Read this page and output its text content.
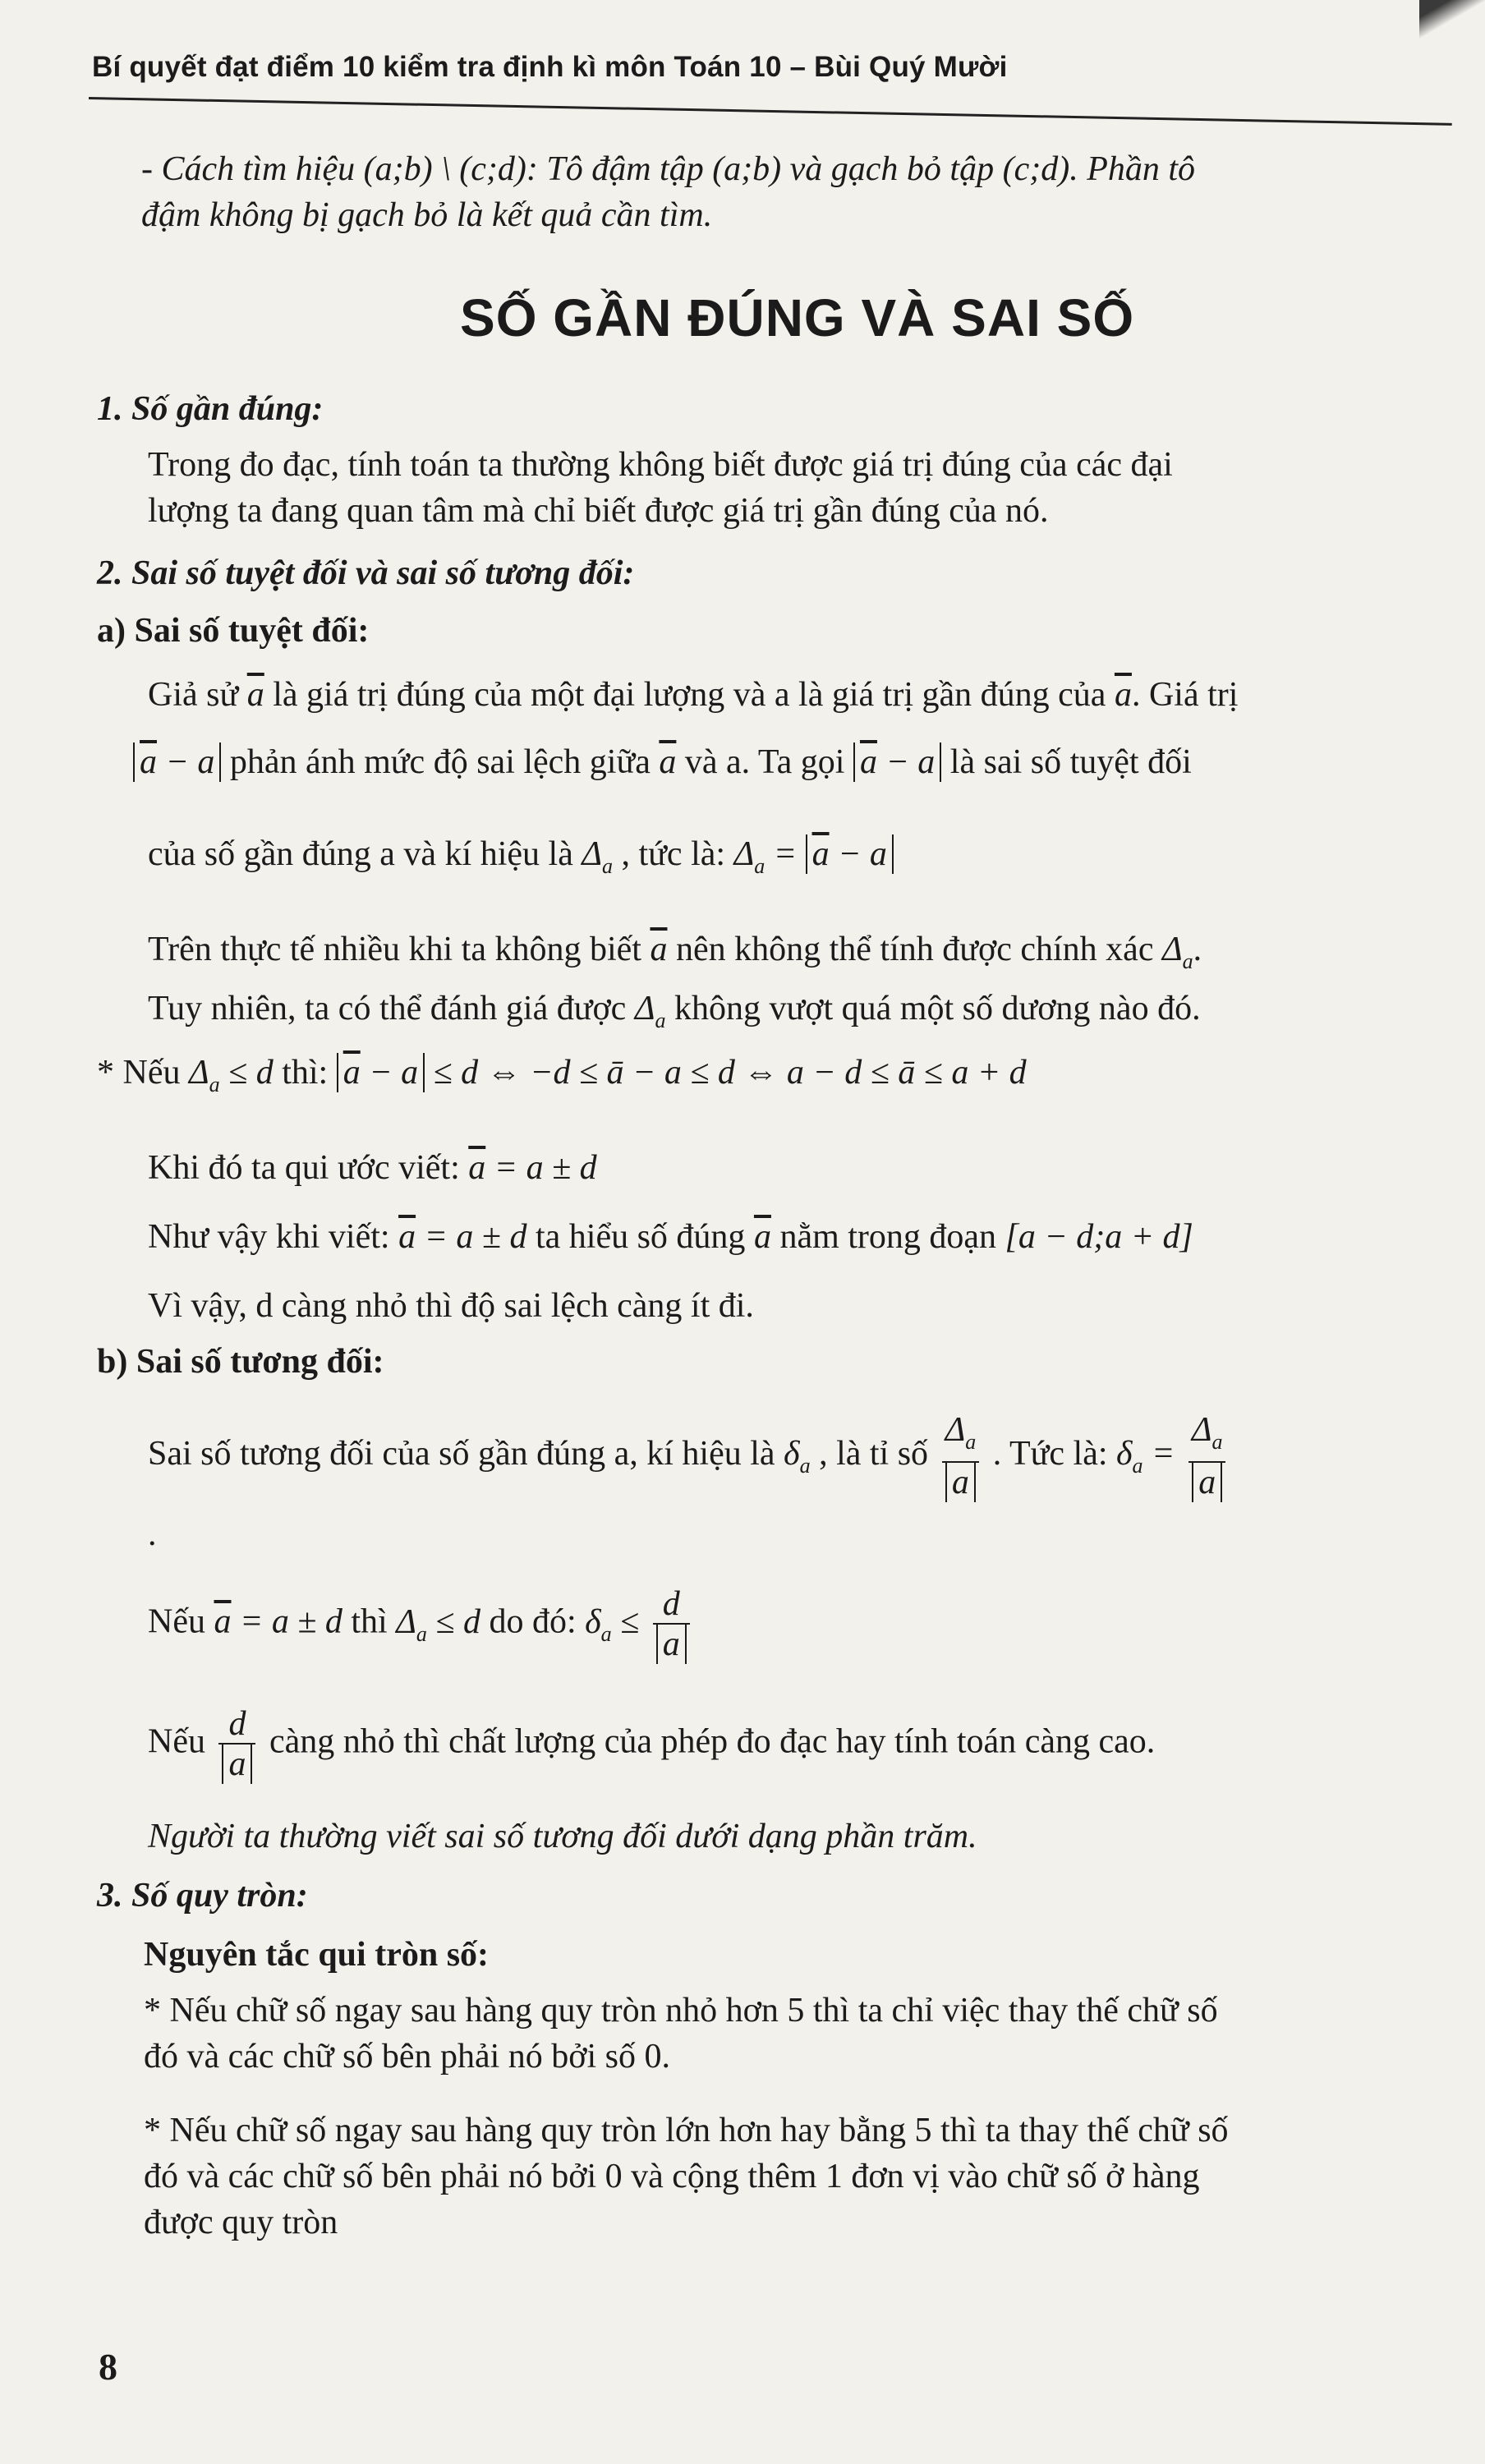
Bí quyết đạt điểm 10 kiểm tra định kì môn Toán 10 – Bùi Quý Mười
- Cách tìm hiệu (a;b) \ (c;d): Tô đậm tập (a;b) và gạch bỏ tập (c;d). Phần tô
đậm không bị gạch bỏ là kết quả cần tìm.
SỐ GẦN ĐÚNG VÀ SAI SỐ
1. Số gần đúng:
Trong đo đạc, tính toán ta thường không biết được giá trị đúng của các đại
lượng ta đang quan tâm mà chỉ biết được giá trị gần đúng của nó.
2. Sai số tuyệt đối và sai số tương đối:
a) Sai số tuyệt đối:
Giả sử $\overline{a}$ là giá trị đúng của một đại lượng và a là giá trị gần đúng của $\overline{a}$. Giá trị
$\overline{a} - a$ phản ánh mức độ sai lệch giữa $\overline{a}$ và a. Ta gọi $\overline{a} - a$ là sai số tuyệt đối
của số gần đúng a và kí hiệu là $\Delta_a$ , tức là: $\Delta_a = \overline{a} - a$
Trên thực tế nhiều khi ta không biết $\overline{a}$ nên không thể tính được chính xác $\Delta_a$.
Tuy nhiên, ta có thể đánh giá được $\Delta_a$ không vượt quá một số dương nào đó.
* Nếu $\Delta_a \le d$ thì: $\overline{a} - a \le d$ ⇔ −d ≤ ā − a ≤ d ⇔ a − d ≤ ā ≤ a + d
Khi đó ta qui ước viết: $\overline{a} = a \pm d$
Như vậy khi viết: $\overline{a} = a \pm d$ ta hiểu số đúng $\overline{a}$ nằm trong đoạn [a − d;a + d]
Vì vậy, d càng nhỏ thì độ sai lệch càng ít đi.
b) Sai số tương đối:
Sai số tương đối của số gần đúng a, kí hiệu là $\delta_a$ , là tỉ số $\frac{\Delta_a}{a}$ . Tức là: $\delta_a = \frac{\Delta_a}{a}$
.
Nếu $\overline{a} = a \pm d$ thì $\Delta_a \le d$ do đó: $\delta_a \le \frac{d}{a}$
Nếu $\frac{d}{a}$ càng nhỏ thì chất lượng của phép đo đạc hay tính toán càng cao.
Người ta thường viết sai số tương đối dưới dạng phần trăm.
3. Số quy tròn:
Nguyên tắc qui tròn số:
* Nếu chữ số ngay sau hàng quy tròn nhỏ hơn 5 thì ta chỉ việc thay thế chữ số
đó và các chữ số bên phải nó bởi số 0.
* Nếu chữ số ngay sau hàng quy tròn lớn hơn hay bằng 5 thì ta thay thế chữ số
đó và các chữ số bên phải nó bởi 0 và cộng thêm 1 đơn vị vào chữ số ở hàng
được quy tròn
8
